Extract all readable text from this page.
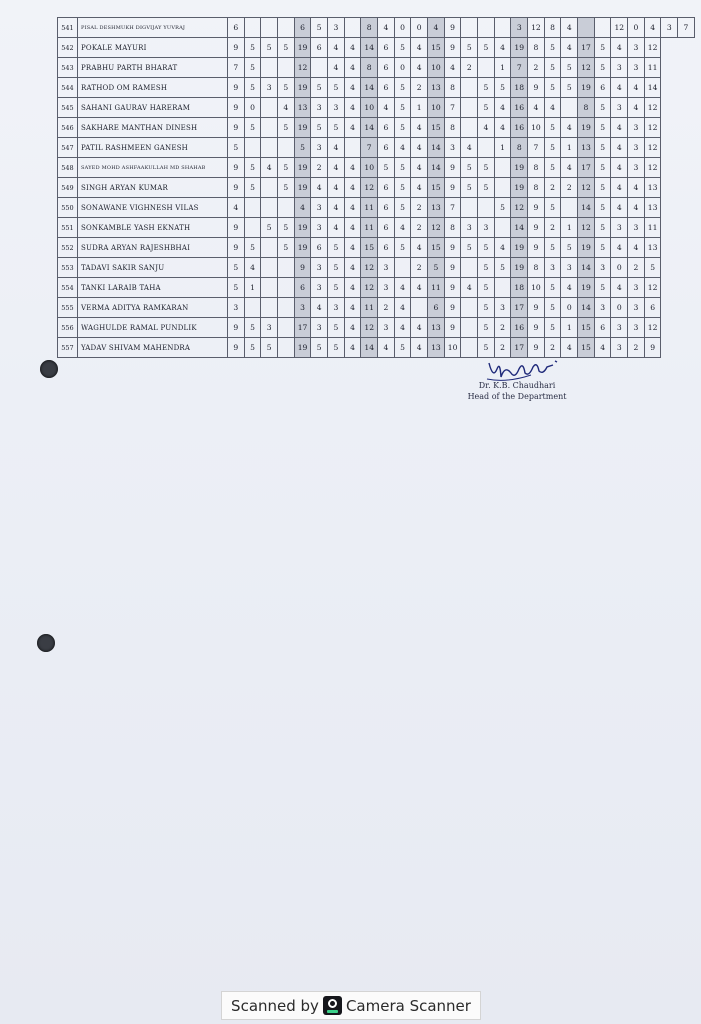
541	PISAL DESHMUKH DIGVIJAY YUVRAJ	6				6	5	3		8	4	0	0	4	9				3	12	8	4			12	0	4	3	7
542	POKALE MAYURI	9	5	5	5	19	6	4	4	14	6	5	4	15	9	5	5	4	19	8	5	4	17	5	4	3	12		
543	PRABHU PARTH BHARAT	7	5			12		4	4	8	6	0	4	10	4	2		1	7	2	5	5	12	5	3	3	11		
544	RATHOD OM RAMESH	9	5	3	5	19	5	5	4	14	6	5	2	13	8		5	5	18	9	5	5	19	6	4	4	14		
545	SAHANI GAURAV HARERAM	9	0		4	13	3	3	4	10	4	5	1	10	7		5	4	16	4	4		8	5	3	4	12		
546	SAKHARE MANTHAN DINESH	9	5		5	19	5	5	4	14	6	5	4	15	8		4	4	16	10	5	4	19	5	4	3	12		
547	PATIL RASHMEEN GANESH	5				5	3	4		7	6	4	4	14	3	4		1	8	7	5	1	13	5	4	3	12		
548	SAYED MOHD ASHFAAKULLAH MD SHAHAB	9	5	4	5	19	2	4	4	10	5	5	4	14	9	5	5		19	8	5	4	17	5	4	3	12		
549	SINGH ARYAN KUMAR	9	5		5	19	4	4	4	12	6	5	4	15	9	5	5		19	8	2	2	12	5	4	4	13		
550	SONAWANE VIGHNESH VILAS	4				4	3	4	4	11	6	5	2	13	7			5	12	9	5		14	5	4	4	13		
551	SONKAMBLE YASH EKNATH	9		5	5	19	3	4	4	11	6	4	2	12	8	3	3		14	9	2	1	12	5	3	3	11		
552	SUDRA ARYAN RAJESHBHAI	9	5		5	19	6	5	4	15	6	5	4	15	9	5	5	4	19	9	5	5	19	5	4	4	13		
553	TADAVI SAKIR SANJU	5	4			9	3	5	4	12	3		2	5	9		5	5	19	8	3	3	14	3	0	2	5		
554	TANKI LARAIB TAHA	5	1			6	3	5	4	12	3	4	4	11	9	4	5		18	10	5	4	19	5	4	3	12		
555	VERMA ADITYA RAMKARAN	3				3	4	3	4	11	2	4		6	9		5	3	17	9	5	0	14	3	0	3	6		
556	WAGHULDE RAMAL PUNDLIK	9	5	3		17	3	5	4	12	3	4	4	13	9		5	2	16	9	5	1	15	6	3	3	12		
557	YADAV SHIVAM MAHENDRA	9	5	5		19	5	5	4	14	4	5	4	13	10		5	2	17	9	2	4	15	4	3	2	9		
Dr. K.B. Chaudhari
Head of the Department
Scanned by Camera Scanner
